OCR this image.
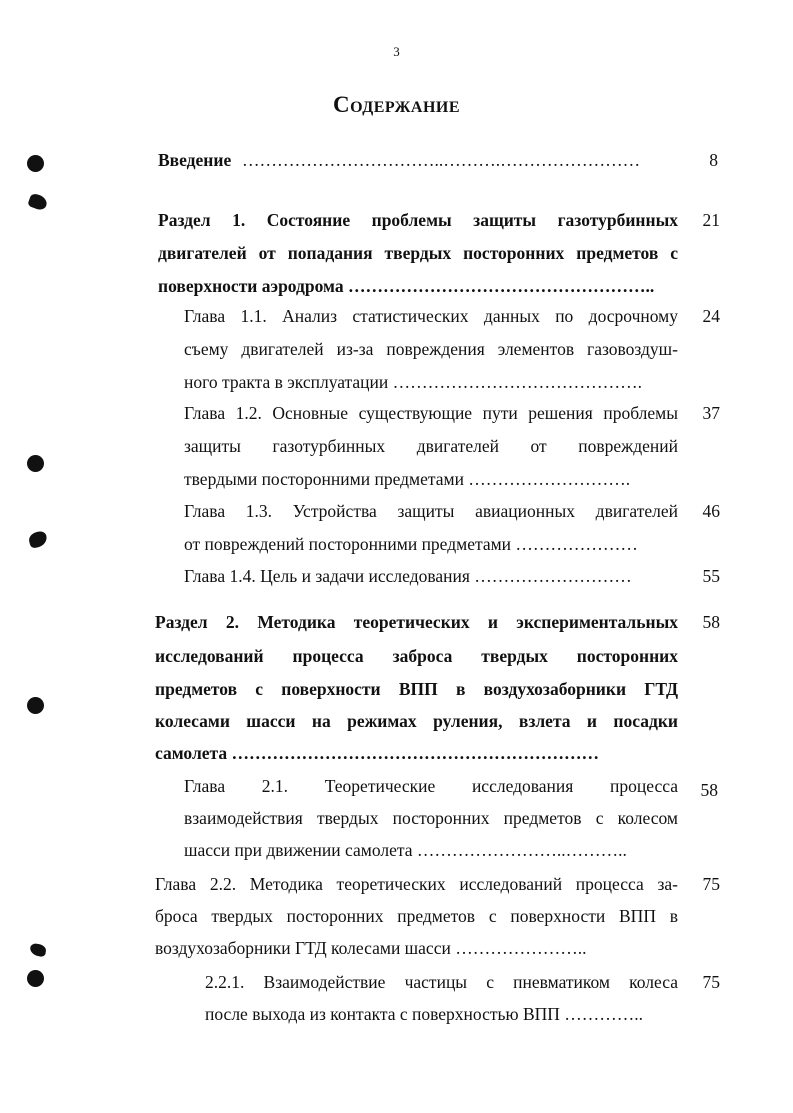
3
Содержание
Введение ……………………………..……….……………………	8
Раздел 1. Состояние проблемы защиты газотурбинных
двигателей от попадания твердых посторонних предметов с
поверхности аэродрома ……………………………………………..
21
Глава 1.1. Анализ статистических данных по досрочному
съему двигателей из-за повреждения элементов газовоздуш-
ного тракта в эксплуатации …………………………………….
24
Глава 1.2. Основные существующие пути решения проблемы
защиты газотурбинных двигателей от повреждений
твердыми посторонними предметами ……………………….
37
Глава 1.3. Устройства защиты авиационных двигателей
от повреждений посторонними предметами …………………
46
Глава 1.4. Цель и задачи исследования ………………………	55
Раздел 2. Методика теоретических и экспериментальных
исследований процесса заброса твердых посторонних
предметов с поверхности ВПП в воздухозаборники ГТД
колесами шасси на режимах руления, взлета и посадки
самолета ………………………………………………………
58
Глава 2.1. Теоретические исследования процесса
взаимодействия твердых посторонних предметов с колесом
шасси при движении самолета ……………………..………..
58
Глава 2.2. Методика теоретических исследований процесса за-
броса твердых посторонних предметов с поверхности ВПП в
воздухозаборники ГТД колесами шасси …………………..
75
2.2.1. Взаимодействие частицы с пневматиком колеса
после выхода из контакта с поверхностью ВПП …………..
75
